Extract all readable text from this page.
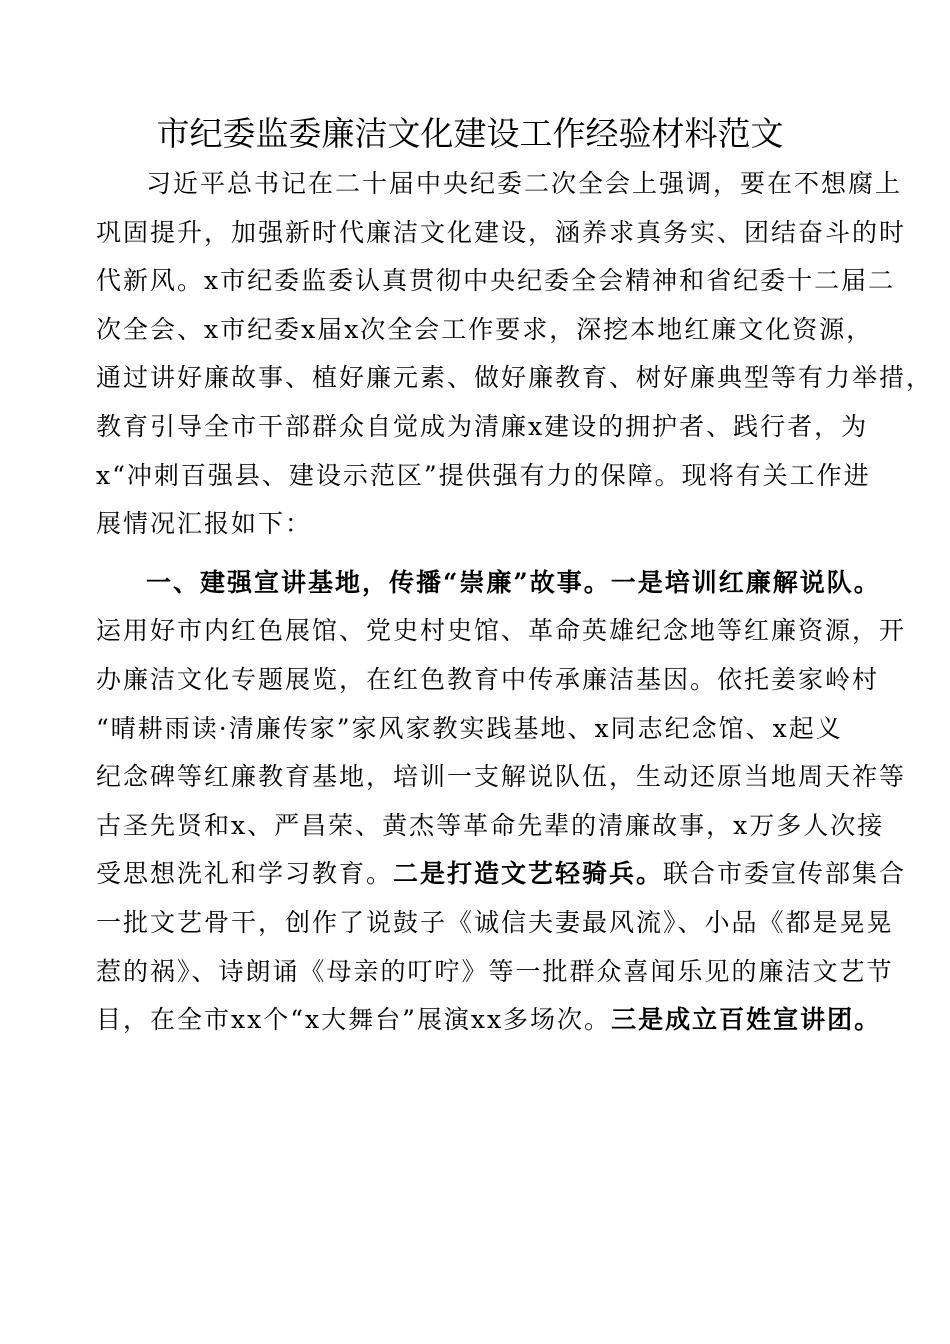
市纪委监委廉洁文化建设工作经验材料范文
习近平总书记在二十届中央纪委二次全会上强调，要在不想腐上
巩固提升，加强新时代廉洁文化建设，涵养求真务实、团结奋斗的时
代新风。x市纪委监委认真贯彻中央纪委全会精神和省纪委十二届二
次全会、x市纪委x届x次全会工作要求，深挖本地红廉文化资源，
通过讲好廉故事、植好廉元素、做好廉教育、树好廉典型等有力举措，
教育引导全市干部群众自觉成为清廉x建设的拥护者、践行者，为
x“冲刺百强县、建设示范区”提供强有力的保障。现将有关工作进
展情况汇报如下：
一、建强宣讲基地，传播“崇廉”故事。一是培训红廉解说队。
运用好市内红色展馆、党史村史馆、革命英雄纪念地等红廉资源，开
办廉洁文化专题展览，在红色教育中传承廉洁基因。依托姜家岭村
“晴耕雨读·清廉传家”家风家教实践基地、x同志纪念馆、x起义
纪念碑等红廉教育基地，培训一支解说队伍，生动还原当地周天祚等
古圣先贤和x、严昌荣、黄杰等革命先辈的清廉故事，x万多人次接
受思想洗礼和学习教育。二是打造文艺轻骑兵。联合市委宣传部集合
一批文艺骨干，创作了说鼓子《诚信夫妻最风流》、小品《都是晃晃
惹的祸》、诗朗诵《母亲的叮咛》等一批群众喜闻乐见的廉洁文艺节
目，在全市xx个“x大舞台”展演xx多场次。三是成立百姓宣讲团。
